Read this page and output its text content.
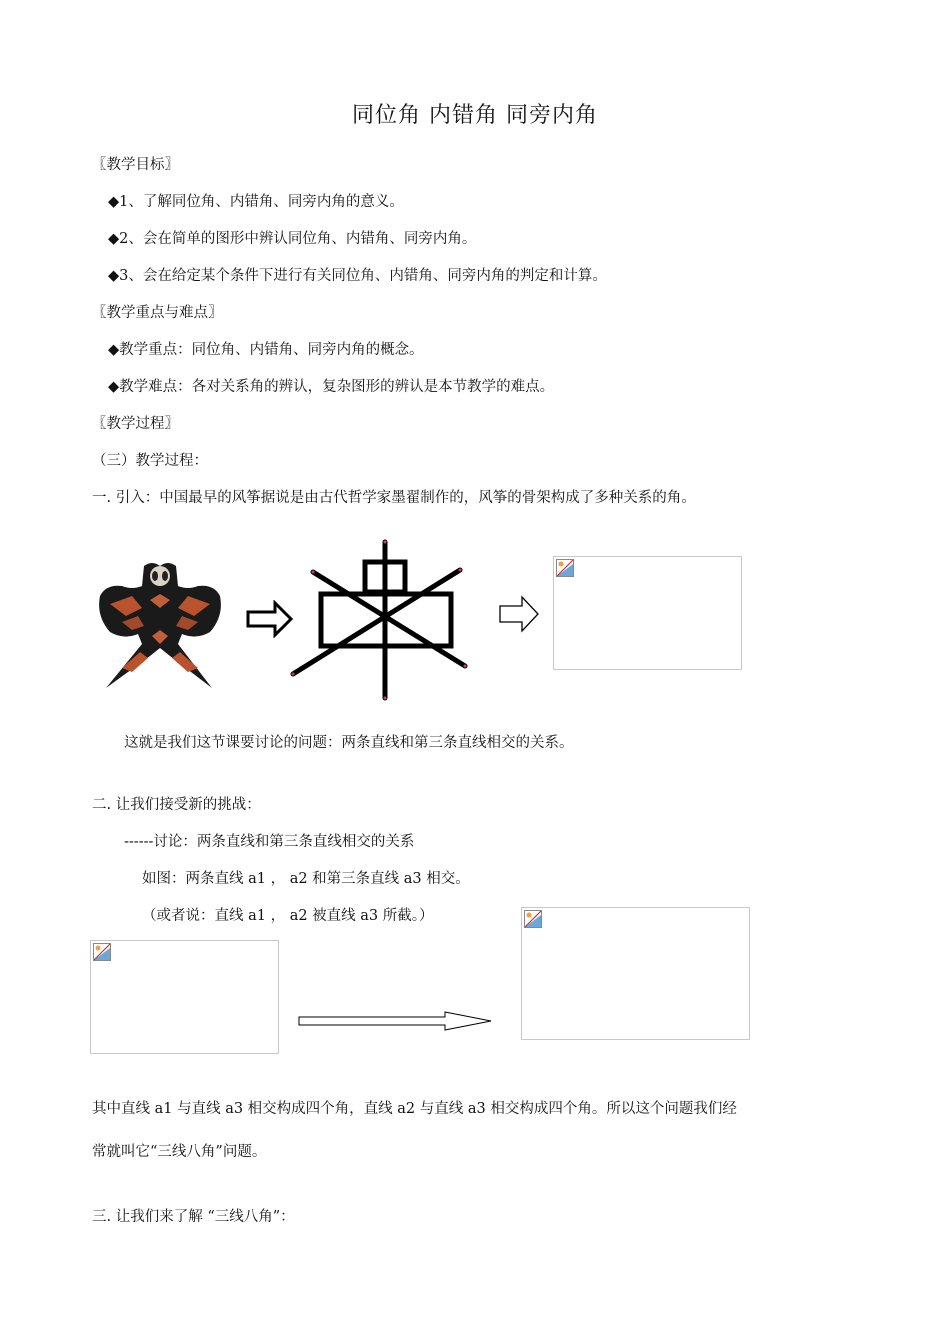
同位角 内错角 同旁内角
〖教学目标〗
◆1、了解同位角、内错角、同旁内角的意义。
◆2、会在简单的图形中辨认同位角、内错角、同旁内角。
◆3、会在给定某个条件下进行有关同位角、内错角、同旁内角的判定和计算。
〖教学重点与难点〗
◆教学重点：同位角、内错角、同旁内角的概念。
◆教学难点：各对关系角的辨认，复杂图形的辨认是本节教学的难点。
〖教学过程〗
（三）教学过程：
一. 引入：中国最早的风筝据说是由古代哲学家墨翟制作的，风筝的骨架构成了多种关系的角。
这就是我们这节课要讨论的问题：两条直线和第三条直线相交的关系。
二. 让我们接受新的挑战：
------讨论：两条直线和第三条直线相交的关系
如图：两条直线 a1 ， a2 和第三条直线 a3 相交。
（或者说：直线 a1 ， a2 被直线 a3 所截。）
其中直线 a1 与直线 a3 相交构成四个角，直线 a2 与直线 a3 相交构成四个角。所以这个问题我们经
常就叫它“三线八角”问题。
三. 让我们来了解 “三线八角”：
